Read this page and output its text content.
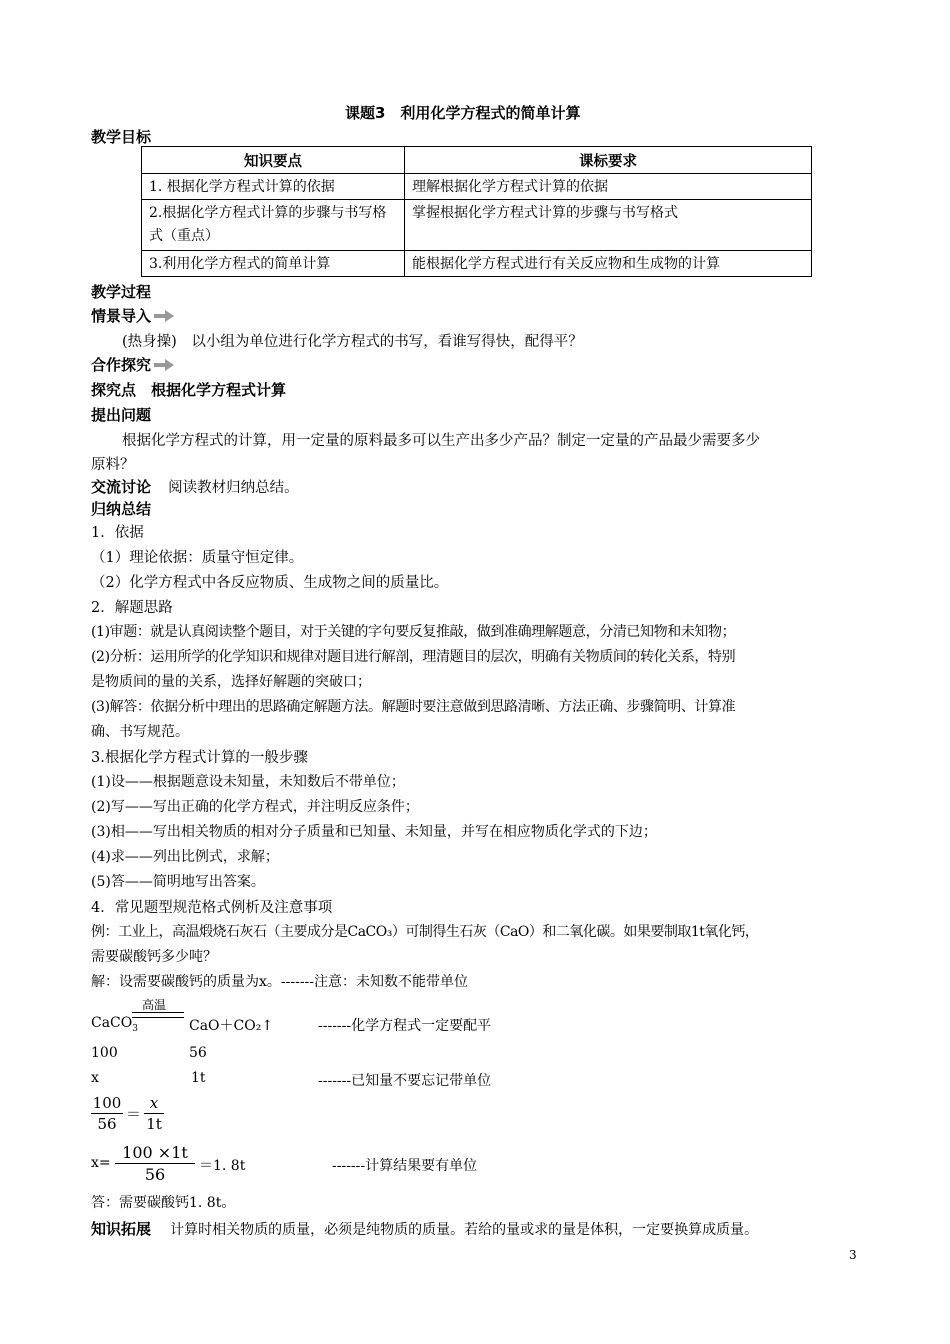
课题3　利用化学方程式的简单计算
教学目标
知识要点	课标要求
1. 根据化学方程式计算的依据	理解根据化学方程式计算的依据
2.根据化学方程式计算的步骤与书写格式（重点）	掌握根据化学方程式计算的步骤与书写格式
3.利用化学方程式的简单计算	能根据化学方程式进行有关反应物和生成物的计算
教学过程
情景导入
(热身操)　以小组为单位进行化学方程式的书写，看谁写得快，配得平？
合作探究
探究点　根据化学方程式计算
提出问题
根据化学方程式的计算，用一定量的原料最多可以生产出多少产品？制定一定量的产品最少需要多少
原料？
交流讨论 阅读教材归纳总结。
归纳总结
1．依据
（1）理论依据：质量守恒定律。
（2）化学方程式中各反应物质、生成物之间的质量比。
2．解题思路
(1)审题：就是认真阅读整个题目，对于关键的字句要反复推敲，做到准确理解题意，分清已知物和未知物；
(2)分析：运用所学的化学知识和规律对题目进行解剖，理清题目的层次，明确有关物质间的转化关系，特别
是物质间的量的关系，选择好解题的突破口；
(3)解答：依据分析中理出的思路确定解题方法。解题时要注意做到思路清晰、方法正确、步骤简明、计算准
确、书写规范。
3.根据化学方程式计算的一般步骤
(1)设——根据题意设未知量，未知数后不带单位；
(2)写——写出正确的化学方程式，并注明反应条件；
(3)相——写出相关物质的相对分子质量和已知量、未知量，并写在相应物质化学式的下边；
(4)求——列出比例式，求解；
(5)答——简明地写出答案。
4．常见题型规范格式例析及注意事项
例：工业上，高温煅烧石灰石（主要成分是CaCO₃）可制得生石灰（CaO）和二氧化碳。如果要制取1t氧化钙，
需要碳酸钙多少吨？
解：设需要碳酸钙的质量为x。-------注意：未知数不能带单位
高温
CaCO$_3$	CaO＋CO₂↑	-------化学方程式一定要配平
100	56
x	1t	-------已知量不要忘记带单位
100
56
＝
x
1t
x=
100 ×1t
56	＝1. 8t	-------计算结果要有单位
答：需要碳酸钙1. 8t。
知识拓展 计算时相关物质的质量，必须是纯物质的质量。若给的量或求的量是体积，一定要换算成质量。
3
